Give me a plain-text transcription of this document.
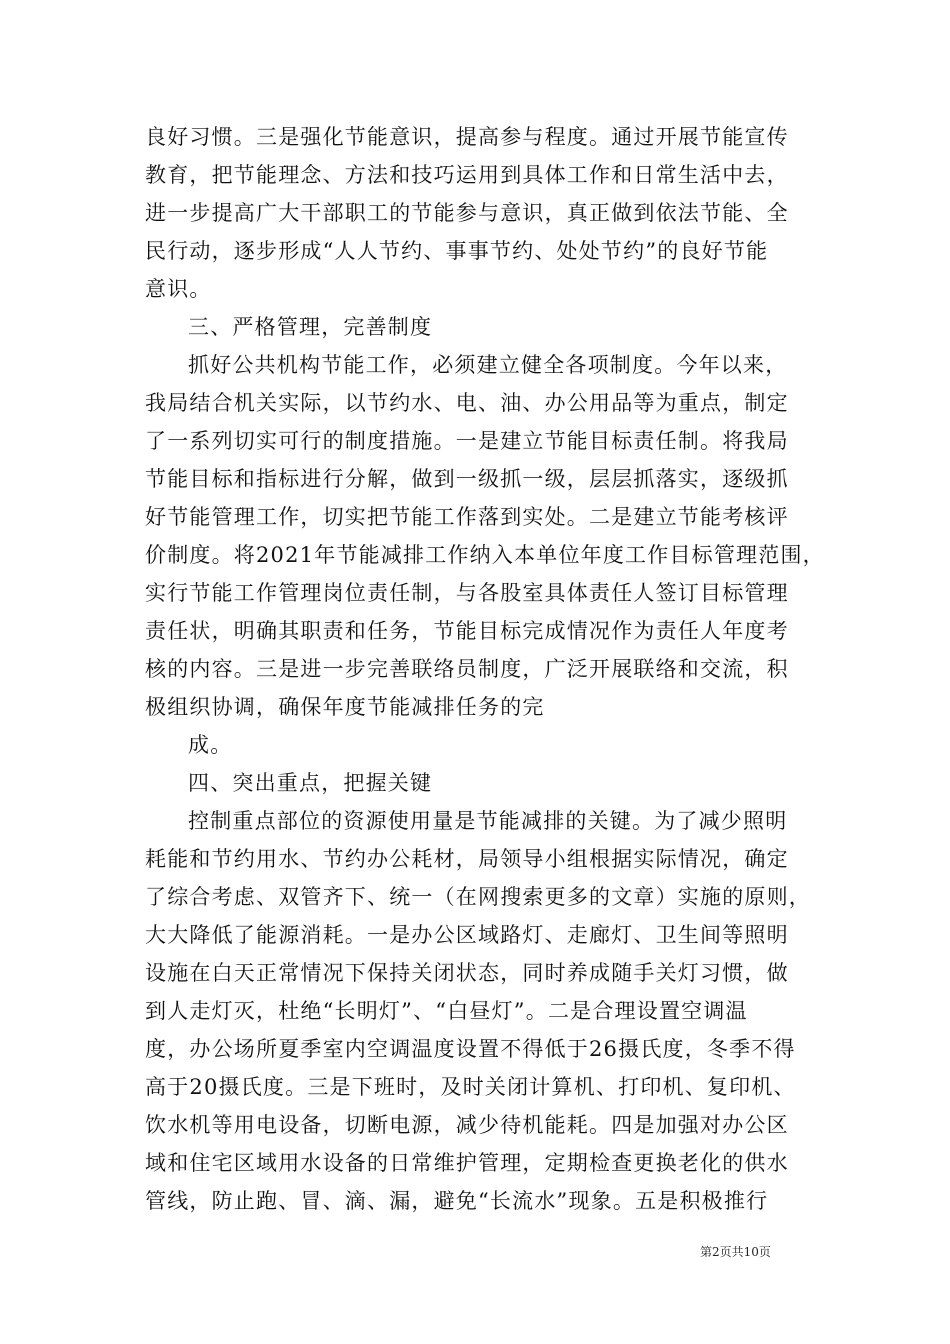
良好习惯。三是强化节能意识，提高参与程度。通过开展节能宣传
教育，把节能理念、方法和技巧运用到具体工作和日常生活中去，
进一步提高广大干部职工的节能参与意识，真正做到依法节能、全
民行动，逐步形成“人人节约、事事节约、处处节约”的良好节能
意识。
三、严格管理，完善制度
抓好公共机构节能工作，必须建立健全各项制度。今年以来，
我局结合机关实际，以节约水、电、油、办公用品等为重点，制定
了一系列切实可行的制度措施。一是建立节能目标责任制。将我局
节能目标和指标进行分解，做到一级抓一级，层层抓落实，逐级抓
好节能管理工作，切实把节能工作落到实处。二是建立节能考核评
价制度。将2021年节能减排工作纳入本单位年度工作目标管理范围，
实行节能工作管理岗位责任制，与各股室具体责任人签订目标管理
责任状，明确其职责和任务，节能目标完成情况作为责任人年度考
核的内容。三是进一步完善联络员制度，广泛开展联络和交流，积
极组织协调，确保年度节能减排任务的完
成。
四、突出重点，把握关键
控制重点部位的资源使用量是节能减排的关键。为了减少照明
耗能和节约用水、节约办公耗材，局领导小组根据实际情况，确定
了综合考虑、双管齐下、统一（在网搜索更多的文章）实施的原则，
大大降低了能源消耗。一是办公区域路灯、走廊灯、卫生间等照明
设施在白天正常情况下保持关闭状态，同时养成随手关灯习惯，做
到人走灯灭，杜绝“长明灯”、“白昼灯”。二是合理设置空调温
度，办公场所夏季室内空调温度设置不得低于26摄氏度，冬季不得
高于20摄氏度。三是下班时，及时关闭计算机、打印机、复印机、
饮水机等用电设备，切断电源，减少待机能耗。四是加强对办公区
域和住宅区域用水设备的日常维护管理，定期检查更换老化的供水
管线，防止跑、冒、滴、漏，避免“长流水”现象。五是积极推行
第2页共10页
